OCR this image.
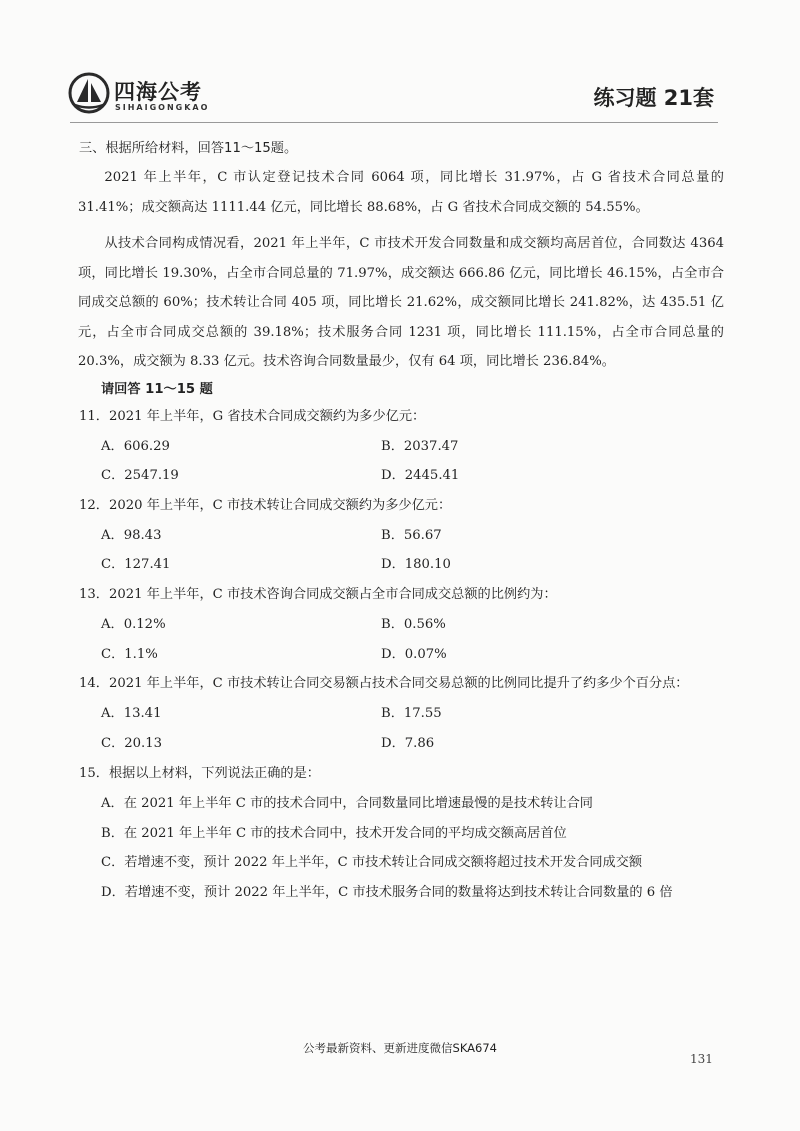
四海公考
SIHAIGONGKAO	练习题 21套
三、根据所给材料，回答11～15题。
2021 年上半年，C 市认定登记技术合同 6064 项，同比增长 31.97%，占 G 省技术合同总量的 31.41%；成交额高达 1111.44 亿元，同比增长 88.68%，占 G 省技术合同成交额的 54.55%。
从技术合同构成情况看，2021 年上半年，C 市技术开发合同数量和成交额均高居首位，合同数达 4364 项，同比增长 19.30%，占全市合同总量的 71.97%，成交额达 666.86 亿元，同比增长 46.15%，占全市合同成交总额的 60%；技术转让合同 405 项，同比增长 21.62%，成交额同比增长 241.82%，达 435.51 亿元，占全市合同成交总额的 39.18%；技术服务合同 1231 项，同比增长 111.15%，占全市合同总量的 20.3%，成交额为 8.33 亿元。技术咨询合同数量最少，仅有 64 项，同比增长 236.84%。
请回答 11～15 题
11．2021 年上半年，G 省技术合同成交额约为多少亿元：
A．606.29	B．2037.47
C．2547.19	D．2445.41
12．2020 年上半年，C 市技术转让合同成交额约为多少亿元：
A．98.43	B．56.67
C．127.41	D．180.10
13．2021 年上半年，C 市技术咨询合同成交额占全市合同成交总额的比例约为：
A．0.12%	B．0.56%
C．1.1%	D．0.07%
14．2021 年上半年，C 市技术转让合同交易额占技术合同交易总额的比例同比提升了约多少个百分点：
A．13.41	B．17.55
C．20.13	D．7.86
15．根据以上材料，下列说法正确的是：
A．在 2021 年上半年 C 市的技术合同中，合同数量同比增速最慢的是技术转让合同
B．在 2021 年上半年 C 市的技术合同中，技术开发合同的平均成交额高居首位
C．若增速不变，预计 2022 年上半年，C 市技术转让合同成交额将超过技术开发合同成交额
D．若增速不变，预计 2022 年上半年，C 市技术服务合同的数量将达到技术转让合同数量的 6 倍
公考最新资料、更新进度微信SKA674
131
